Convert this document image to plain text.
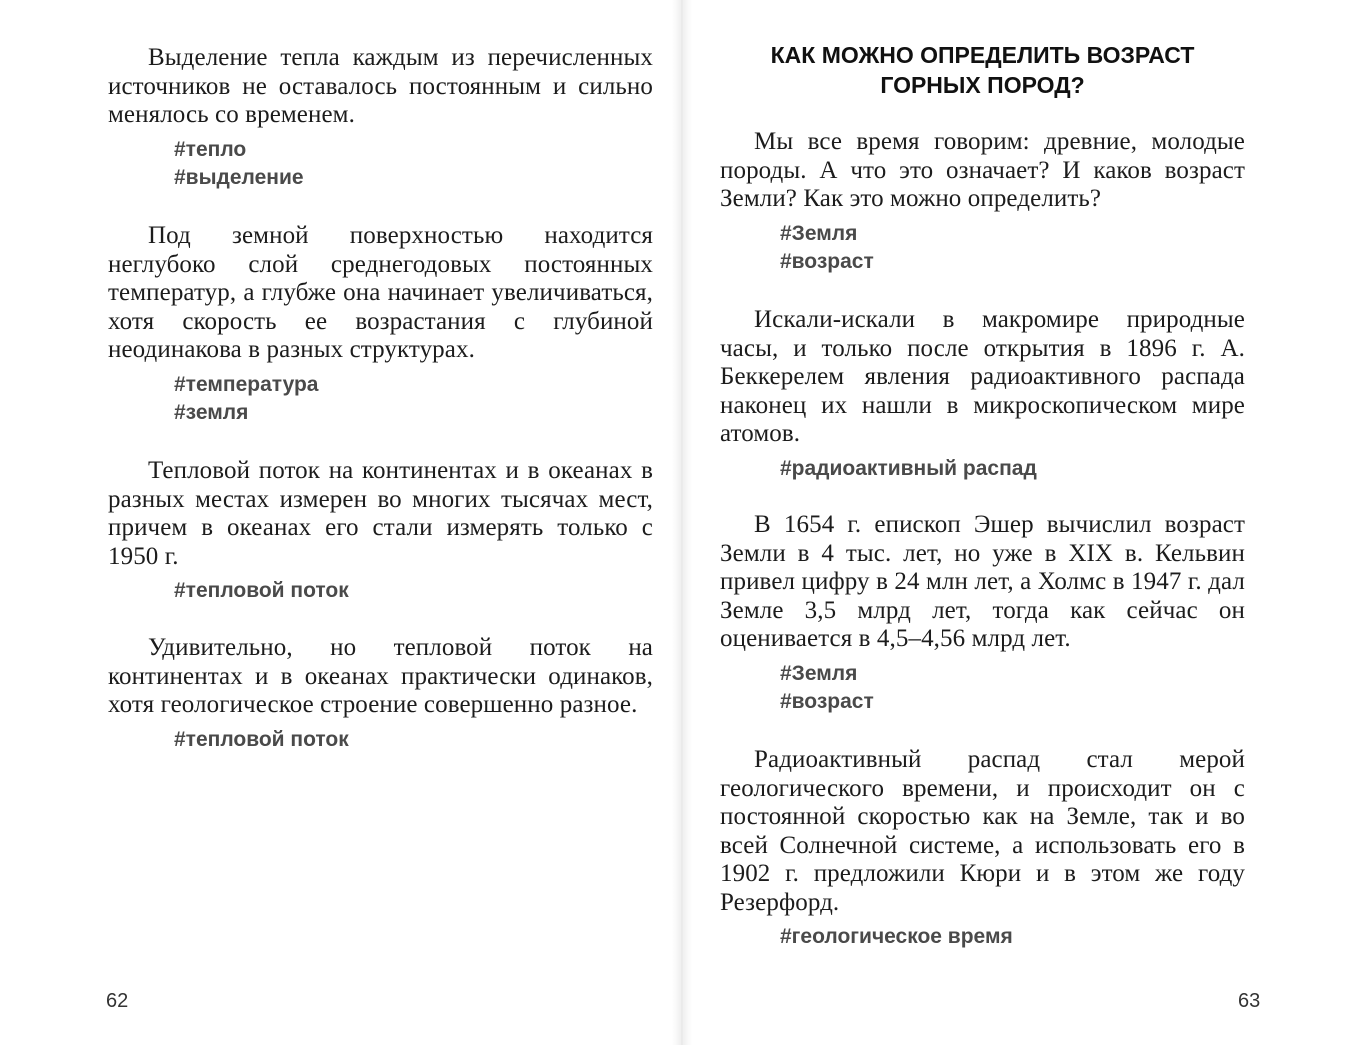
Выделение тепла каждым из перечисленных источников не оставалось постоянным и сильно менялось со временем.

#тепло
#выделение

Под земной поверхностью находится неглубоко слой среднегодовых постоянных температур, а глубже она начинает увеличиваться, хотя скорость ее возрастания с глубиной неодинакова в разных структурах.

#температура
#земля

Тепловой поток на континентах и в океанах в разных местах измерен во многих тысячах мест, причем в океанах его стали измерять только с 1950 г.

#тепловой поток

Удивительно, но тепловой поток на континентах и в океанах практически одинаков, хотя геологическое строение совершенно разное.

#тепловой поток
62
КАК МОЖНО ОПРЕДЕЛИТЬ ВОЗРАСТ ГОРНЫХ ПОРОД?

Мы все время говорим: древние, молодые породы. А что это означает? И каков возраст Земли? Как это можно определить?

#Земля
#возраст

Искали-искали в макромире природные часы, и только после открытия в 1896 г. А. Беккерелем явления радиоактивного распада наконец их нашли в микроскопическом мире атомов.

#радиоактивный распад

В 1654 г. епископ Эшер вычислил возраст Земли в 4 тыс. лет, но уже в XIX в. Кельвин привел цифру в 24 млн лет, а Холмс в 1947 г. дал Земле 3,5 млрд лет, тогда как сейчас он оценивается в 4,5–4,56 млрд лет.

#Земля
#возраст

Радиоактивный распад стал мерой геологического времени, и происходит он с постоянной скоростью как на Земле, так и во всей Солнечной системе, а использовать его в 1902 г. предложили Кюри и в этом же году Резерфорд.

#геологическое время
63
